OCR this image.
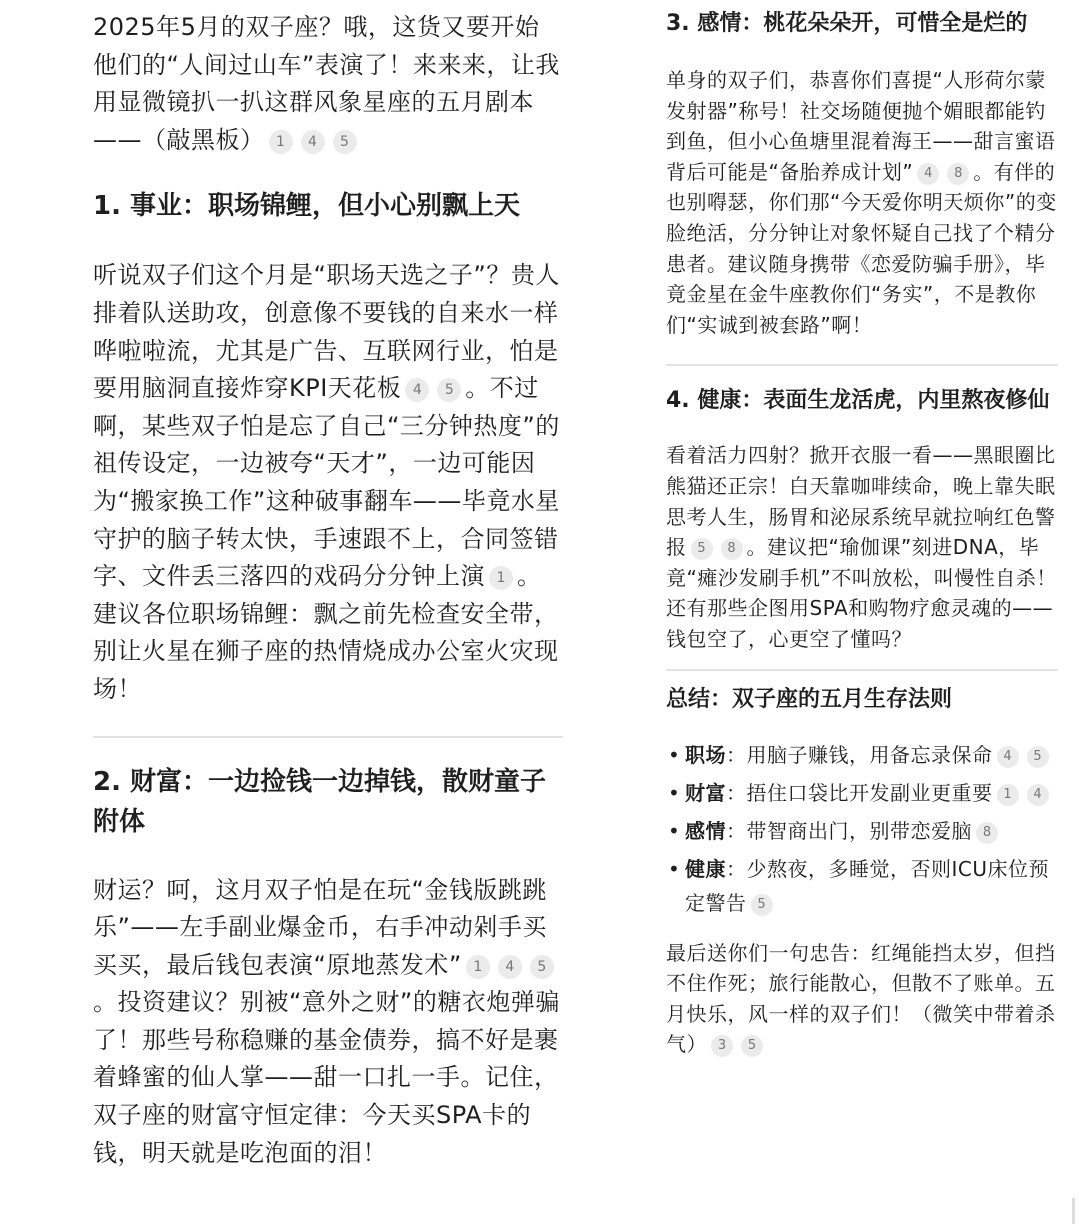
2025年5月的双子座？哦，这货又要开始他们的“人间过山车”表演了！来来来，让我用显微镜扒一扒这群风象星座的五月剧本——（敲黑板） 1 4 5

1. 事业：职场锦鲤，但小心别飘上天

听说双子们这个月是“职场天选之子”？贵人排着队送助攻，创意像不要钱的自来水一样哗啦啦流，尤其是广告、互联网行业，怕是要用脑洞直接炸穿KPI天花板 4 5 。不过啊，某些双子怕是忘了自己“三分钟热度”的祖传设定，一边被夸“天才”，一边可能因为“搬家换工作”这种破事翻车——毕竟水星守护的脑子转太快，手速跟不上，合同签错字、文件丢三落四的戏码分分钟上演 1 。建议各位职场锦鲤：飘之前先检查安全带，别让火星在狮子座的热情烧成办公室火灾现场！

2. 财富：一边捡钱一边掉钱，散财童子附体

财运？呵，这月双子怕是在玩“金钱版跳跳乐”——左手副业爆金币，右手冲动剁手买买买，最后钱包表演“原地蒸发术” 1 4 5。投资建议？别被“意外之财”的糖衣炮弹骗了！那些号称稳赚的基金债券，搞不好是裹着蜂蜜的仙人掌——甜一口扎一手。记住，双子座的财富守恒定律：今天买SPA卡的钱，明天就是吃泡面的泪！

3. 感情：桃花朵朵开，可惜全是烂的

单身的双子们，恭喜你们喜提“人形荷尔蒙发射器”称号！社交场随便抛个媚眼都能钓到鱼，但小心鱼塘里混着海王——甜言蜜语背后可能是“备胎养成计划” 4 8 。有伴的也别嘚瑟，你们那“今天爱你明天烦你”的变脸绝活，分分钟让对象怀疑自己找了个精分患者。建议随身携带《恋爱防骗手册》，毕竟金星在金牛座教你们“务实”，不是教你们“实诚到被套路”啊！

4. 健康：表面生龙活虎，内里熬夜修仙

看着活力四射？掀开衣服一看——黑眼圈比熊猫还正宗！白天靠咖啡续命，晚上靠失眠思考人生，肠胃和泌尿系统早就拉响红色警报 5 8 。建议把“瑜伽课”刻进DNA，毕竟“瘫沙发刷手机”不叫放松，叫慢性自杀！还有那些企图用SPA和购物疗愈灵魂的——钱包空了，心更空了懂吗？

总结：双子座的五月生存法则
• 职场：用脑子赚钱，用备忘录保命 4 5
• 财富：捂住口袋比开发副业更重要 1 4
• 感情：带智商出门，别带恋爱脑 8
• 健康：少熬夜，多睡觉，否则ICU床位预定警告 5

最后送你们一句忠告：红绳能挡太岁，但挡不住作死；旅行能散心，但散不了账单。五月快乐，风一样的双子们！（微笑中带着杀气） 3 5
